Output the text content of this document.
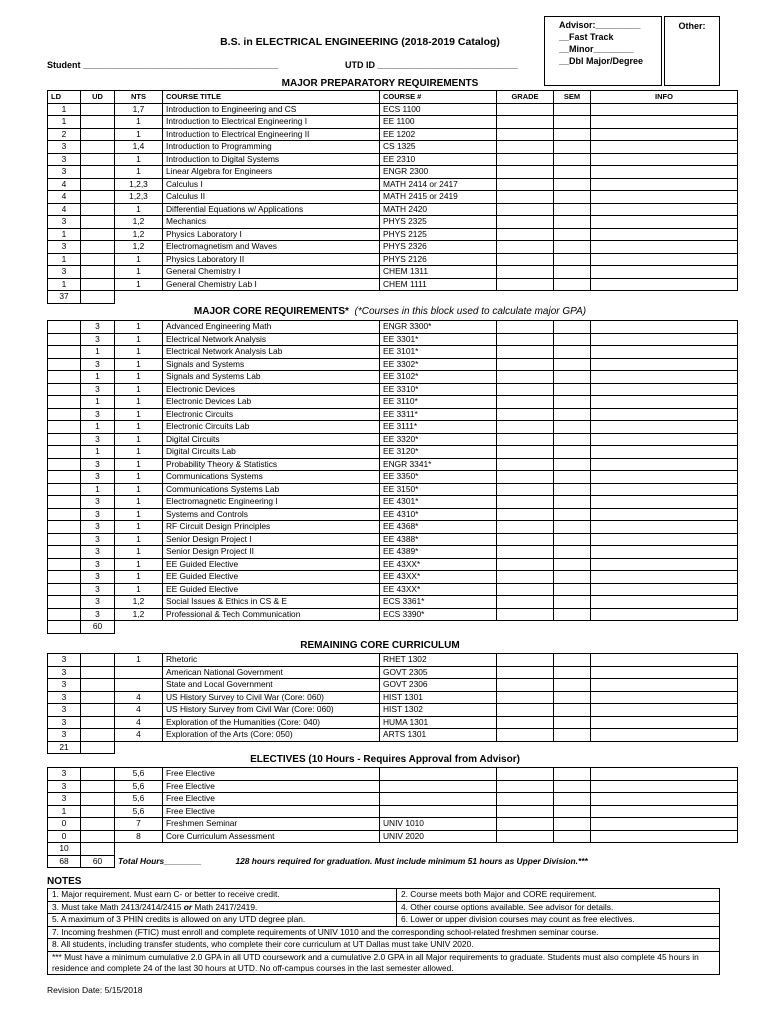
B.S. in ELECTRICAL ENGINEERING (2018-2019 Catalog)
Student _______________________________________	UTD ID ____________________________
Advisor:_________
__Fast Track
__Minor________
__Dbl Major/Degree
Other:
MAJOR PREPARATORY REQUIREMENTS
LD	UD	NTS	COURSE TITLE	COURSE #	GRADE	SEM	INFO
1		1,7	Introduction to Engineering and CS	ECS 1100			
1		1	Introduction to Electrical Engineering I	EE 1100			
2		1	Introduction to Electrical Engineering II	EE 1202			
3		1,4	Introduction to Programming	CS 1325			
3		1	Introduction to Digital Systems	EE 2310			
3		1	Linear Algebra for Engineers	ENGR 2300			
4		1,2,3	Calculus I	MATH 2414 or 2417			
4		1,2,3	Calculus II	MATH 2415 or 2419			
4		1	Differential Equations w/ Applications	MATH 2420			
3		1,2	Mechanics	PHYS 2325			
1		1,2	Physics Laboratory I	PHYS 2125			
3		1,2	Electromagnetism and Waves	PHYS 2326			
1		1	Physics Laboratory II	PHYS 2126			
3		1	General Chemistry I	CHEM 1311			
1		1	General Chemistry Lab I	CHEM 1111			
37							
MAJOR CORE REQUIREMENTS* (*Courses in this block used to calculate major GPA)
	3	1	Advanced Engineering Math	ENGR 3300*			
	3	1	Electrical Network Analysis	EE 3301*			
	1	1	Electrical Network Analysis Lab	EE 3101*			
	3	1	Signals and Systems	EE 3302*			
	1	1	Signals and Systems Lab	EE 3102*			
	3	1	Electronic Devices	EE 3310*			
	1	1	Electronic Devices Lab	EE 3110*			
	3	1	Electronic Circuits	EE 3311*			
	1	1	Electronic Circuits Lab	EE 3111*			
	3	1	Digital Circuits	EE 3320*			
	1	1	Digital Circuits Lab	EE 3120*			
	3	1	Probability Theory & Statistics	ENGR 3341*			
	3	1	Communications Systems	EE 3350*			
	1	1	Communications Systems Lab	EE 3150*			
	3	1	Electromagnetic Engineering I	EE 4301*			
	3	1	Systems and Controls	EE 4310*			
	3	1	RF Circuit Design Principles	EE 4368*			
	3	1	Senior Design Project I	EE 4388*			
	3	1	Senior Design Project II	EE 4389*			
	3	1	EE Guided Elective	EE 43XX*			
	3	1	EE Guided Elective	EE 43XX*			
	3	1	EE Guided Elective	EE 43XX*			
	3	1,2	Social Issues & Ethics in CS & E	ECS 3361*			
	3	1,2	Professional & Tech Communication	ECS 3390*			
	60						
REMAINING CORE CURRICULUM
3		1	Rhetoric	RHET 1302			
3			American National Government	GOVT 2305			
3			State and Local Government	GOVT 2306			
3		4	US History Survey to Civil War (Core: 060)	HIST 1301			
3		4	US History Survey from Civil War (Core: 060)	HIST 1302			
3		4	Exploration of the Humanities (Core: 040)	HUMA 1301			
3		4	Exploration of the Arts (Core: 050)	ARTS 1301			
21							
ELECTIVES (10 Hours - Requires Approval from Advisor)
3		5,6	Free Elective				
3		5,6	Free Elective				
3		5,6	Free Elective				
1		5,6	Free Elective				
0		7	Freshmen Seminar	UNIV 1010			
0		8	Core Curriculum Assessment	UNIV 2020			
10							
68	60	Total Hours________ 128 hours required for graduation. Must include minimum 51 hours as Upper Division.***					
NOTES
1. Major requirement. Must earn C- or better to receive credit.	2. Course meets both Major and CORE requirement.
3. Must take Math 2413/2414/2415 or Math 2417/2419.	4. Other course options available. See advisor for details.
5. A maximum of 3 PHIN credits is allowed on any UTD degree plan.	6. Lower or upper division courses may count as free electives.
7. Incoming freshmen (FTIC) must enroll and complete requirements of UNIV 1010 and the corresponding school-related freshmen seminar course.	
8. All students, including transfer students, who complete their core curriculum at UT Dallas must take UNIV 2020.	
*** Must have a minimum cumulative 2.0 GPA in all UTD coursework and a cumulative 2.0 GPA in all Major requirements to graduate. Students must also complete 45 hours in residence and complete 24 of the last 30 hours at UTD. No off-campus courses in the last semester allowed.	
Revision Date: 5/15/2018
